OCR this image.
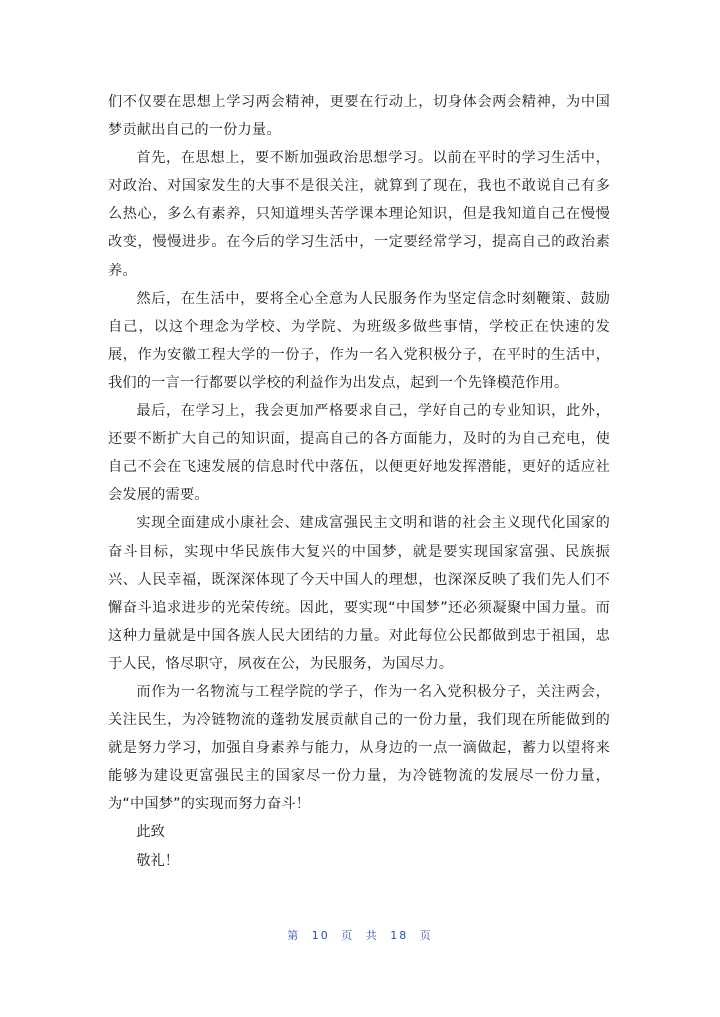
们不仅要在思想上学习两会精神，更要在行动上，切身体会两会精神，为中国梦贡献出自己的一份力量。

首先，在思想上，要不断加强政治思想学习。以前在平时的学习生活中，对政治、对国家发生的大事不是很关注，就算到了现在，我也不敢说自己有多么热心，多么有素养，只知道埋头苦学课本理论知识，但是我知道自己在慢慢改变，慢慢进步。在今后的学习生活中，一定要经常学习，提高自己的政治素养。

然后，在生活中，要将全心全意为人民服务作为坚定信念时刻鞭策、鼓励自己，以这个理念为学校、为学院、为班级多做些事情，学校正在快速的发展，作为安徽工程大学的一份子，作为一名入党积极分子，在平时的生活中，我们的一言一行都要以学校的利益作为出发点，起到一个先锋模范作用。

最后，在学习上，我会更加严格要求自己，学好自己的专业知识，此外，还要不断扩大自己的知识面，提高自己的各方面能力，及时的为自己充电，使自己不会在飞速发展的信息时代中落伍，以便更好地发挥潜能，更好的适应社会发展的需要。

实现全面建成小康社会、建成富强民主文明和谐的社会主义现代化国家的奋斗目标，实现中华民族伟大复兴的中国梦，就是要实现国家富强、民族振兴、人民幸福，既深深体现了今天中国人的理想，也深深反映了我们先人们不懈奋斗追求进步的光荣传统。因此，要实现“中国梦”还必须凝聚中国力量。而这种力量就是中国各族人民大团结的力量。对此每位公民都做到忠于祖国，忠于人民，恪尽职守，夙夜在公，为民服务，为国尽力。

而作为一名物流与工程学院的学子，作为一名入党积极分子，关注两会，关注民生，为冷链物流的蓬勃发展贡献自己的一份力量，我们现在所能做到的就是努力学习，加强自身素养与能力，从身边的一点一滴做起，蓄力以望将来能够为建设更富强民主的国家尽一份力量，为冷链物流的发展尽一份力量，为“中国梦”的实现而努力奋斗！

此致

敬礼！

第 10 页 共 18 页
